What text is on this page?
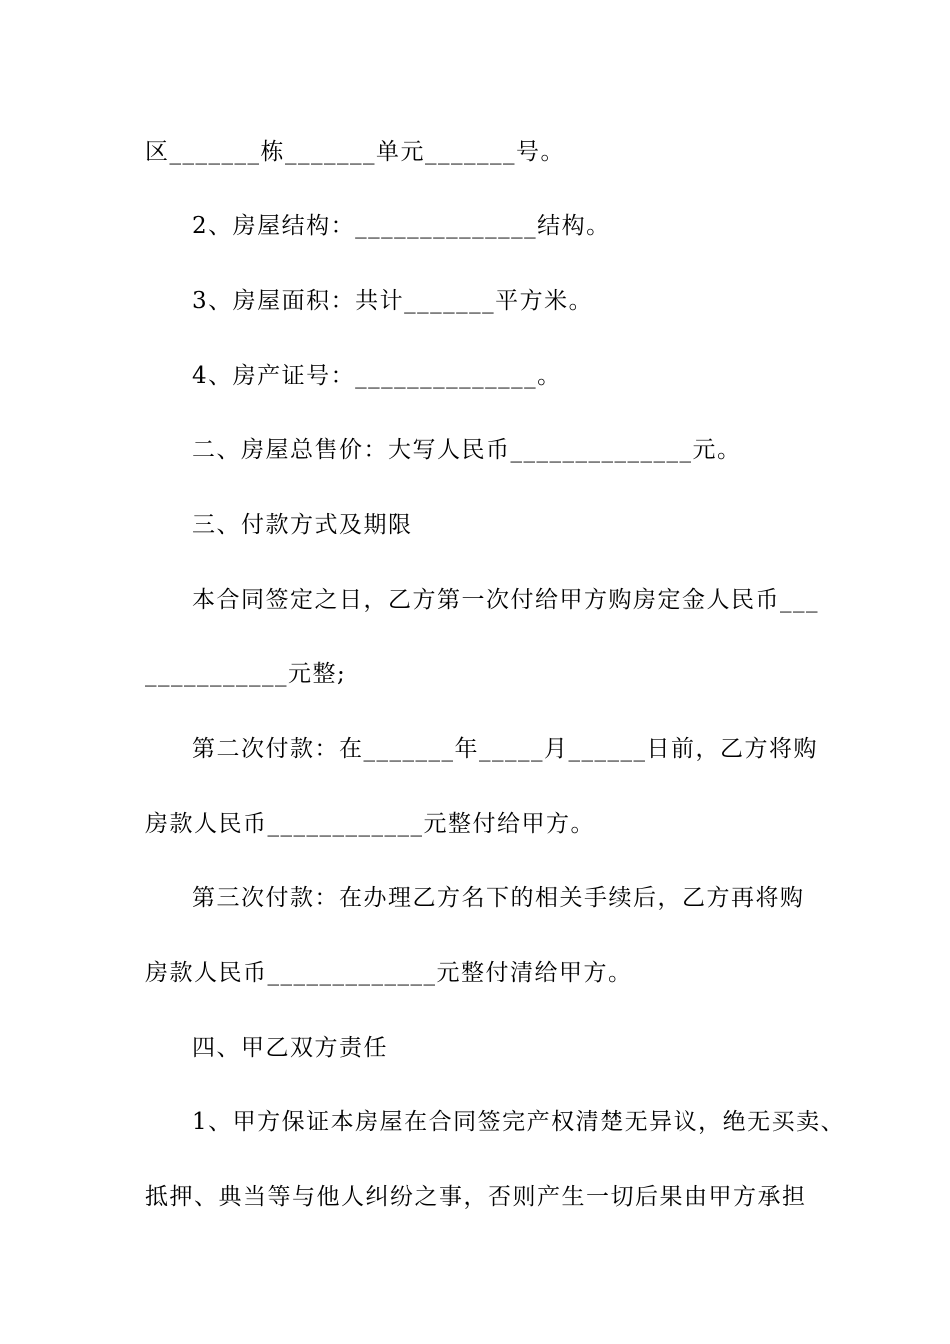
区_______栋_______单元_______号。
2、房屋结构：______________结构。
3、房屋面积：共计_______平方米。
4、房产证号：______________。
二、房屋总售价：大写人民币______________元。
三、付款方式及期限
本合同签定之日，乙方第一次付给甲方购房定金人民币___
___________元整;
第二次付款：在_______年_____月______日前，乙方将购
房款人民币____________元整付给甲方。
第三次付款：在办理乙方名下的相关手续后，乙方再将购
房款人民币_____________元整付清给甲方。
四、甲乙双方责任
1、甲方保证本房屋在合同签完产权清楚无异议，绝无买卖、
抵押、典当等与他人纠纷之事，否则产生一切后果由甲方承担
